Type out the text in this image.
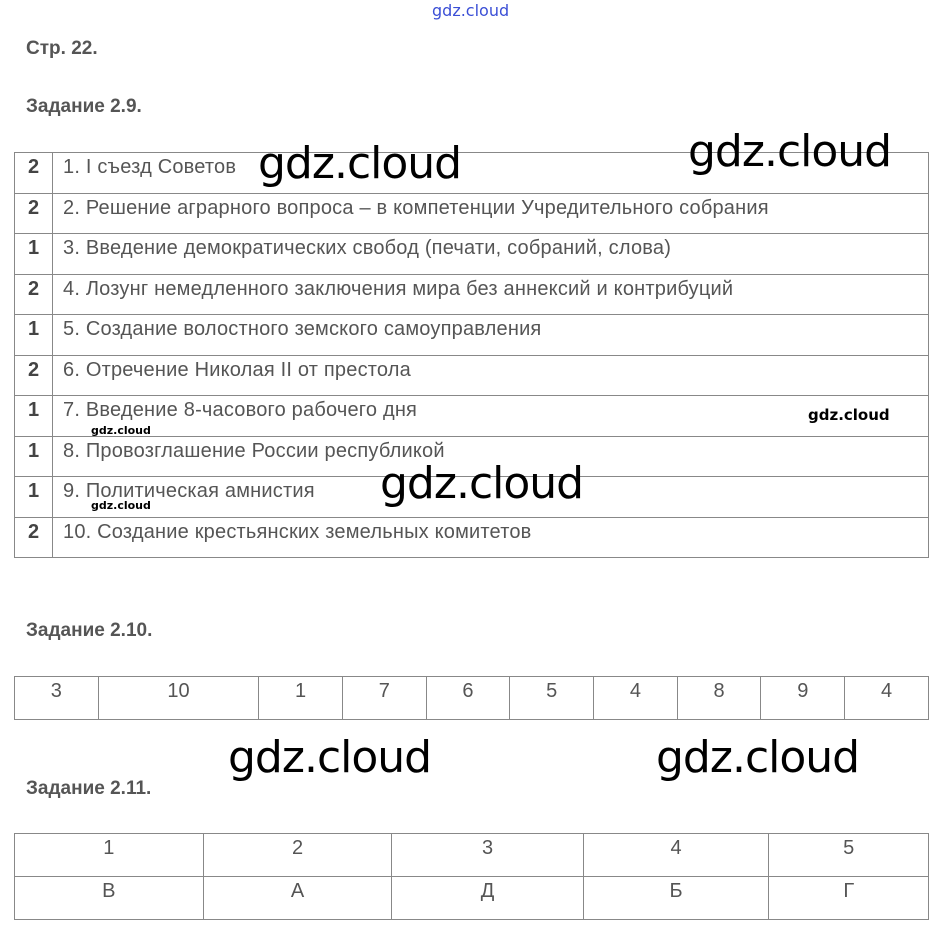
gdz.cloud
Стр. 22.
Задание 2.9.
2	1. I съезд Советов
2	2. Решение аграрного вопроса – в компетенции Учредительного собрания
1	3. Введение демократических свобод (печати, собраний, слова)
2	4. Лозунг немедленного заключения мира без аннексий и контрибуций
1	5. Создание волостного земского самоуправления
2	6. Отречение Николая II от престола
1	7. Введение 8-часового рабочего дня
1	8. Провозглашение России республикой
1	9. Политическая амнистия
2	10. Создание крестьянских земельных комитетов
Задание 2.10.
3	10	1	7	6	5	4	8	9	4
Задание 2.11.
1	2	3	4	5
В	А	Д	Б	Г
gdz.cloud	gdz.cloud
gdz.cloud
gdz.cloud
gdz.cloud
gdz.cloud
gdz.cloud	gdz.cloud
